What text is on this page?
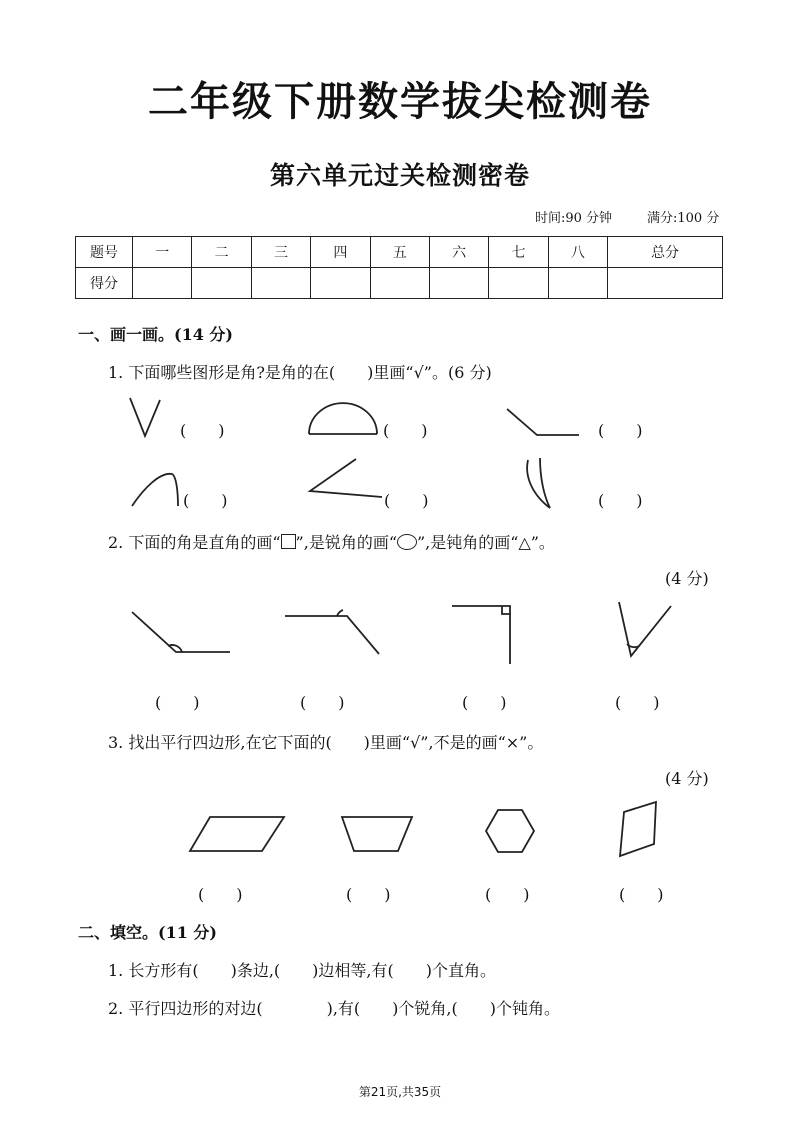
二年级下册数学拔尖检测卷
第六单元过关检测密卷
时间:90 分钟	满分:100 分
题号	一	二	三	四	五	六	七	八	总分
得分									
一、画一画。(14 分)
1. 下面哪些图形是角?是角的在(　　)里画“√”。(6 分)
(　　)	(　　)	(　　)
(　　)	(　　)	(　　)
2. 下面的角是直角的画“ ”,是锐角的画“ ”,是钝角的画“△”。
(4 分)
(　　)	(　　)	(　　)	(　　)
3. 找出平行四边形,在它下面的(　　)里画“√”,不是的画“×”。
(4 分)
(　　)	(　　)	(　　)	(　　)
二、填空。(11 分)
1. 长方形有(　　)条边,(　　)边相等,有(　　)个直角。
2. 平行四边形的对边(　　　　),有(　　)个锐角,(　　)个钝角。
第21页,共35页
